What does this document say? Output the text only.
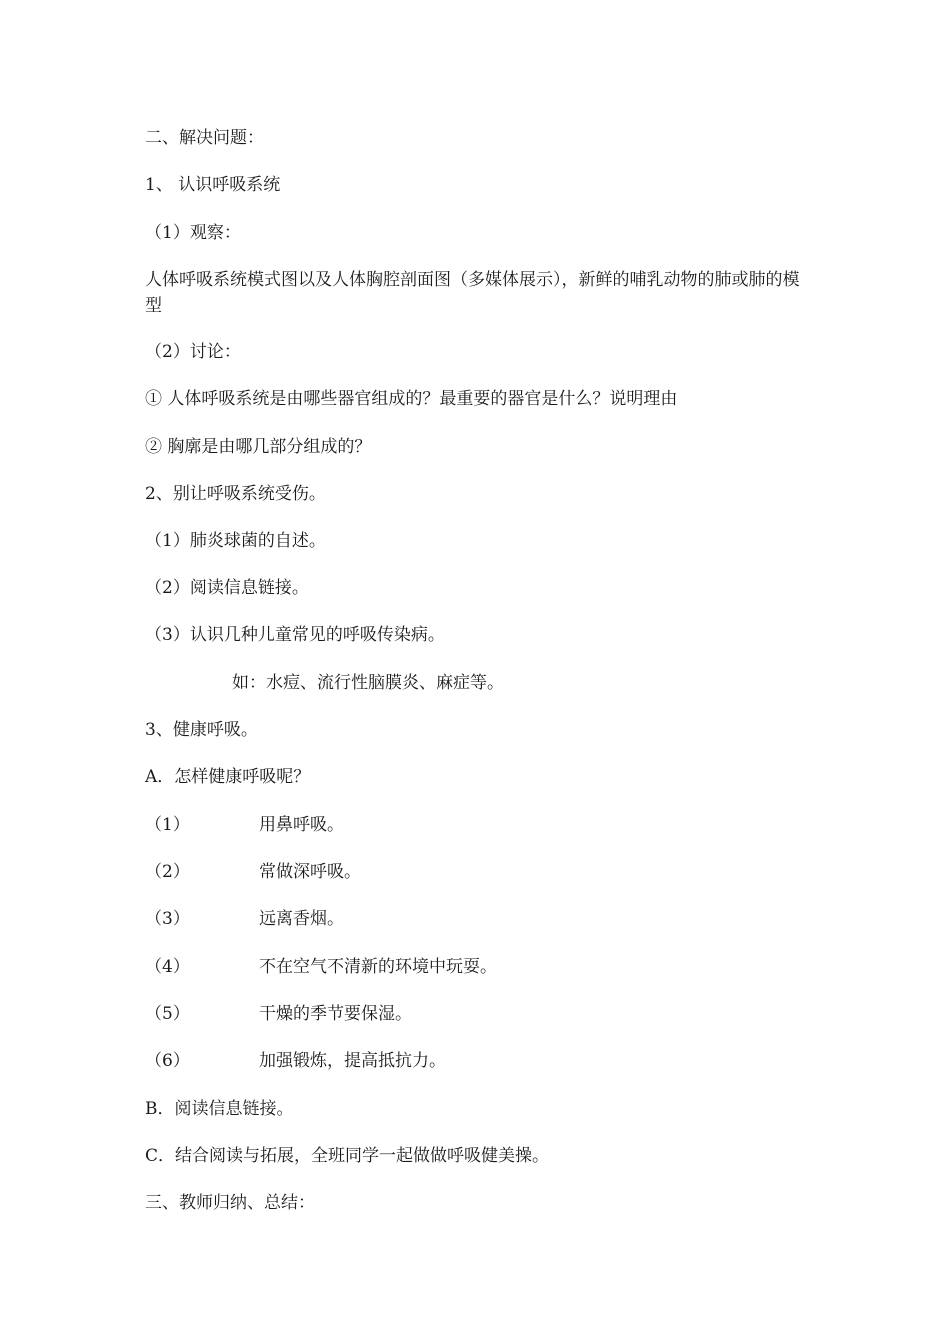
二、解决问题：
1、 认识呼吸系统
（1）观察：
人体呼吸系统模式图以及人体胸腔剖面图（多媒体展示），新鲜的哺乳动物的肺或肺的模型
（2）讨论：
① 人体呼吸系统是由哪些器官组成的？最重要的器官是什么？说明理由
② 胸廓是由哪几部分组成的？
2、别让呼吸系统受伤。
（1）肺炎球菌的自述。
（2）阅读信息链接。
（3）认识几种儿童常见的呼吸传染病。
如：水痘、流行性脑膜炎、麻症等。
3、健康呼吸。
A．怎样健康呼吸呢？
（1）	用鼻呼吸。
（2）	常做深呼吸。
（3）	远离香烟。
（4）	不在空气不清新的环境中玩耍。
（5）	干燥的季节要保湿。
（6）	加强锻炼，提高抵抗力。
B．阅读信息链接。
C．结合阅读与拓展，全班同学一起做做呼吸健美操。
三、教师归纳、总结：
